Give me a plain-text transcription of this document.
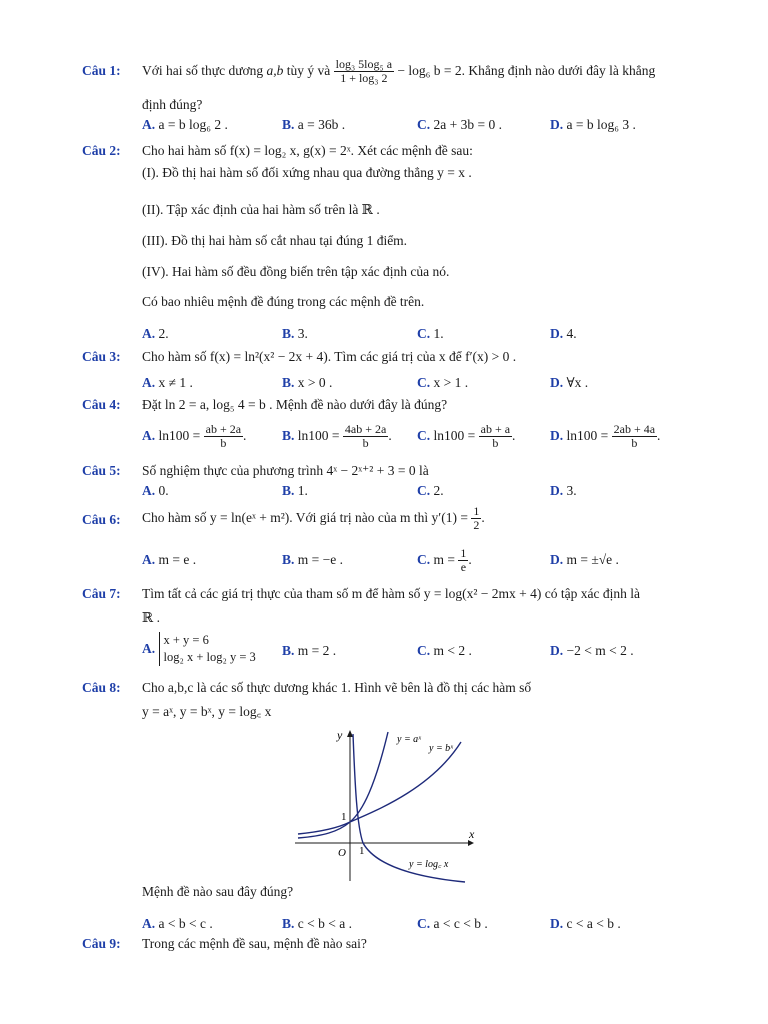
Câu 1: Với hai số thực dương a,b tùy ý và $\frac{\text{log₃ 5log₅ a}}{\text{1 + log₃ 2}} - \log_6$ b = 2. Khẳng định nào dưới đây là khẳng
định đúng?
A. a = b log₆ 2 .	B. a = 36b .	C. 2a + 3b = 0 .	D. a = b log₆ 3 .
Câu 2: Cho hai hàm số f(x) = log₂ x, g(x) = 2ˣ. Xét các mệnh đề sau:
(I). Đồ thị hai hàm số đối xứng nhau qua đường thẳng y = x .
(II). Tập xác định của hai hàm số trên là ℝ .
(III). Đồ thị hai hàm số cắt nhau tại đúng 1 điểm.
(IV). Hai hàm số đều đồng biến trên tập xác định của nó.
Có bao nhiêu mệnh đề đúng trong các mệnh đề trên.
A. 2.	B. 3.	C. 1.	D. 4.
Câu 3: Cho hàm số f(x) = ln²(x² − 2x + 4). Tìm các giá trị của x để f′(x) > 0 .
A. x ≠ 1 .	B. x > 0 .	C. x > 1 .	D. ∀x .
Câu 4: Đặt ln 2 = a, log₅ 4 = b . Mệnh đề nào dưới đây là đúng?
A. $\ln 100 = \frac{ab + 2a}{b}$ .	B. $\ln 100 = \frac{4ab + 2a}{b}$ . C. $\ln 100 = \frac{ab + a}{b}$ .	D. $\ln 100 = \frac{2ab + 4a}{b}$ .
Câu 5: Số nghiệm thực của phương trình 4ˣ − 2ˣ⁺² + 3 = 0 là
A. 0.	B. 1.	C. 2.	D. 3.
Câu 6: Cho hàm số y = ln(eˣ + m²). Với giá trị nào của m thì $y'(1) = \frac{1}{2}$ .
A. m = e .	B. m = −e .	C. $m = \frac{1}{e}$ .	D. m = ±√e .
Câu 7: Tìm tất cả các giá trị thực của tham số m để hàm số y = log(x² − 2mx + 4) có tập xác định là
ℝ .
A.
x + y = 6
log₂ x + log₂ y = 3 B. m = 2 .	C. m < 2 .	D. −2 < m < 2 .
Câu 8: Cho a,b,c là các số thực dương khác 1. Hình vẽ bên là đồ thị các hàm số
y = aˣ, y = bˣ, y = log꜀ x
y
x
O 1
1
y = aˣ
y = bˣ
y = log꜀ x
Mệnh đề nào sau đây đúng?
A. a < b < c .	B. c < b < a .	C. a < c < b .	D. c < a < b .
Câu 9: Trong các mệnh đề sau, mệnh đề nào sai?
